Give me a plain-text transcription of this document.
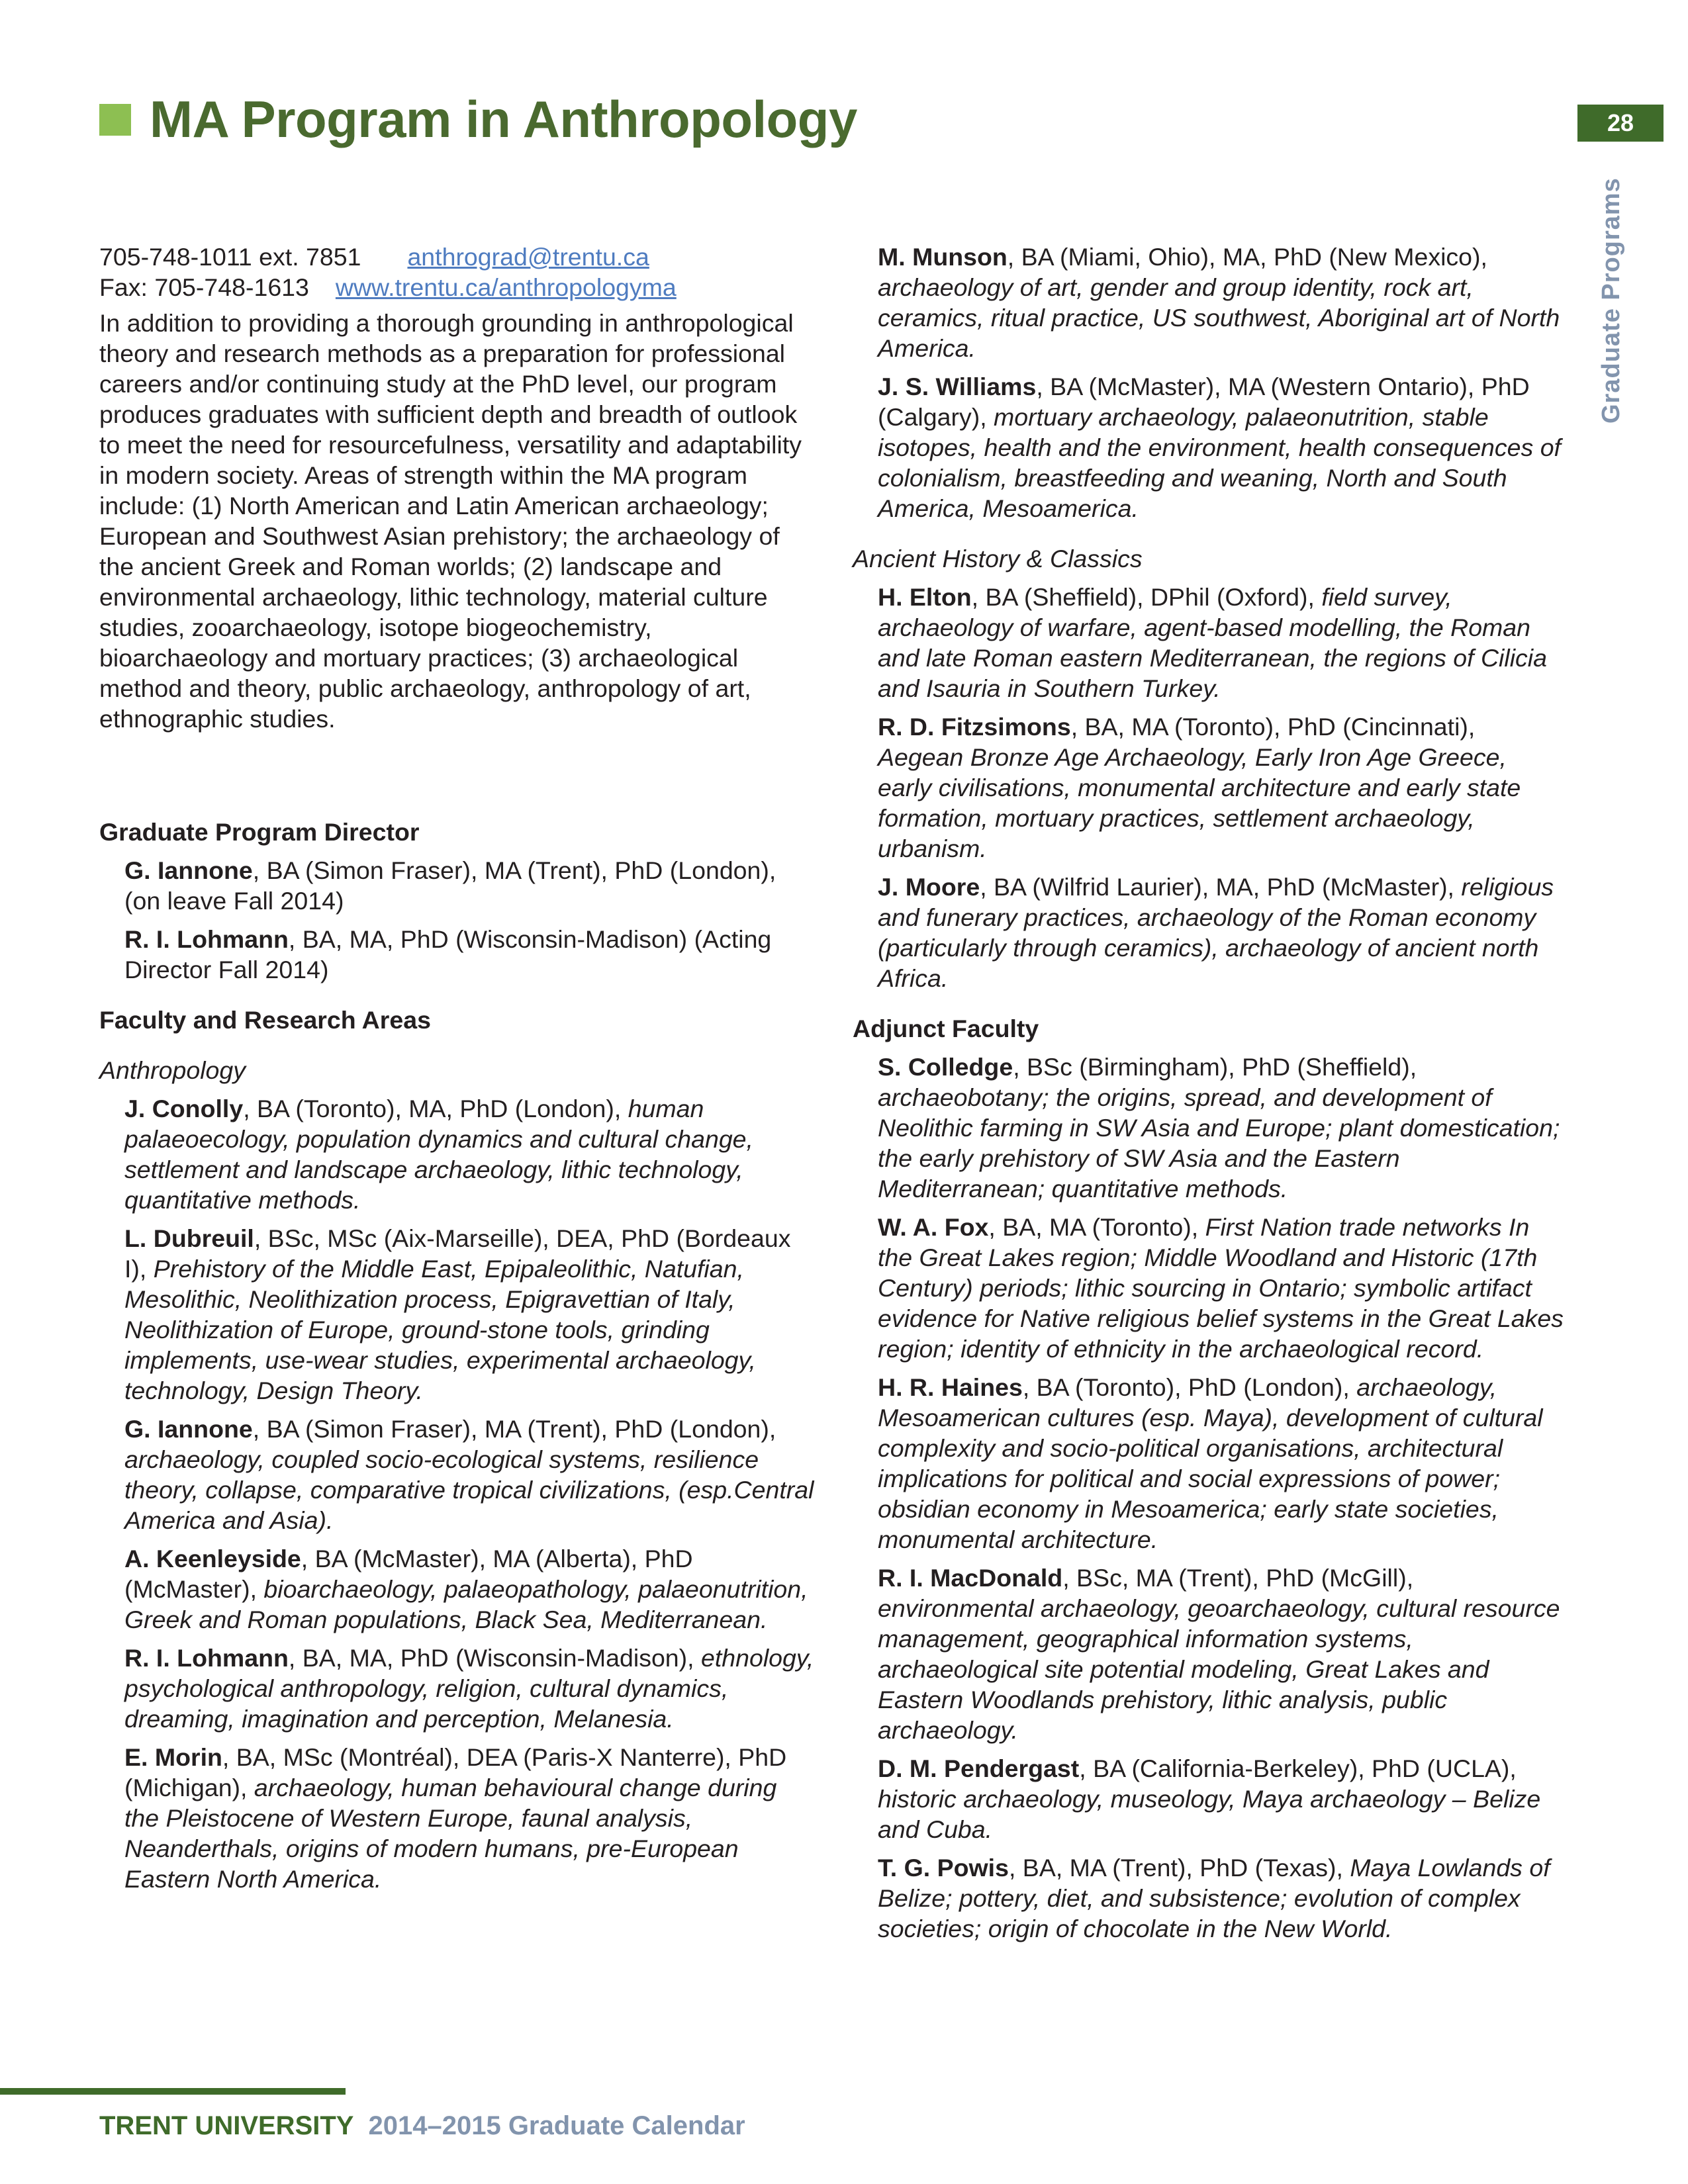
MA Program in Anthropology	28
Graduate Programs
705-748-1011 ext. 7851 anthrograd@trentu.ca
Fax: 705-748-1613 www.trentu.ca/anthropologyma
In addition to providing a thorough grounding in anthropological theory and research methods as a preparation for professional careers and/or continuing study at the PhD level, our program produces graduates with sufficient depth and breadth of outlook to meet the need for resourcefulness, versatility and adaptability in modern society. Areas of strength within the MA program include: (1) North American and Latin American archaeology; European and Southwest Asian prehistory; the archaeology of the ancient Greek and Roman worlds; (2) landscape and environmental archaeology, lithic technology, material culture studies, zooarchaeology, isotope biogeochemistry, bioarchaeology and mortuary practices; (3) archaeological method and theory, public archaeology, anthropology of art, ethnographic studies.
Graduate Program Director
G. Iannone, BA (Simon Fraser), MA (Trent), PhD (London), (on leave Fall 2014)
R. I. Lohmann, BA, MA, PhD (Wisconsin-Madison) (Acting Director Fall 2014)
Faculty and Research Areas
Anthropology
J. Conolly, BA (Toronto), MA, PhD (London), human palaeoecology, population dynamics and cultural change, settlement and landscape archaeology, lithic technology, quantitative methods.
L. Dubreuil, BSc, MSc (Aix-Marseille), DEA, PhD (Bordeaux I), Prehistory of the Middle East, Epipaleolithic, Natufian, Mesolithic, Neolithization process, Epigravettian of Italy, Neolithization of Europe, ground-stone tools, grinding implements, use-wear studies, experimental archaeology, technology, Design Theory.
G. Iannone, BA (Simon Fraser), MA (Trent), PhD (London), archaeology, coupled socio-ecological systems, resilience theory, collapse, comparative tropical civilizations, (esp.Central America and Asia).
A. Keenleyside, BA (McMaster), MA (Alberta), PhD (McMaster), bioarchaeology, palaeopathology, palaeonutrition, Greek and Roman populations, Black Sea, Mediterranean.
R. I. Lohmann, BA, MA, PhD (Wisconsin-Madison), ethnology, psychological anthropology, religion, cultural dynamics, dreaming, imagination and perception, Melanesia.
E. Morin, BA, MSc (Montréal), DEA (Paris-X Nanterre), PhD (Michigan), archaeology, human behavioural change during the Pleistocene of Western Europe, faunal analysis, Neanderthals, origins of modern humans, pre-European Eastern North America.
M. Munson, BA (Miami, Ohio), MA, PhD (New Mexico), archaeology of art, gender and group identity, rock art, ceramics, ritual practice, US southwest, Aboriginal art of North America.
J. S. Williams, BA (McMaster), MA (Western Ontario), PhD (Calgary), mortuary archaeology, palaeonutrition, stable isotopes, health and the environment, health consequences of colonialism, breastfeeding and weaning, North and South America, Mesoamerica.
Ancient History & Classics
H. Elton, BA (Sheffield), DPhil (Oxford), field survey, archaeology of warfare, agent-based modelling, the Roman and late Roman eastern Mediterranean, the regions of Cilicia and Isauria in Southern Turkey.
R. D. Fitzsimons, BA, MA (Toronto), PhD (Cincinnati), Aegean Bronze Age Archaeology, Early Iron Age Greece, early civilisations, monumental architecture and early state formation, mortuary practices, settlement archaeology, urbanism.
J. Moore, BA (Wilfrid Laurier), MA, PhD (McMaster), religious and funerary practices, archaeology of the Roman economy (particularly through ceramics), archaeology of ancient north Africa.
Adjunct Faculty
S. Colledge, BSc (Birmingham), PhD (Sheffield), archaeobotany; the origins, spread, and development of Neolithic farming in SW Asia and Europe; plant domestication; the early prehistory of SW Asia and the Eastern Mediterranean; quantitative methods.
W. A. Fox, BA, MA (Toronto), First Nation trade networks In the Great Lakes region; Middle Woodland and Historic (17th Century) periods; lithic sourcing in Ontario; symbolic artifact evidence for Native religious belief systems in the Great Lakes region; identity of ethnicity in the archaeological record.
H. R. Haines, BA (Toronto), PhD (London), archaeology, Mesoamerican cultures (esp. Maya), development of cultural complexity and socio-political organisations, architectural implications for political and social expressions of power; obsidian economy in Mesoamerica; early state societies, monumental architecture.
R. I. MacDonald, BSc, MA (Trent), PhD (McGill), environmental archaeology, geoarchaeology, cultural resource management, geographical information systems, archaeological site potential modeling, Great Lakes and Eastern Woodlands prehistory, lithic analysis, public archaeology.
D. M. Pendergast, BA (California-Berkeley), PhD (UCLA), historic archaeology, museology, Maya archaeology – Belize and Cuba.
T. G. Powis, BA, MA (Trent), PhD (Texas), Maya Lowlands of Belize; pottery, diet, and subsistence; evolution of complex societies; origin of chocolate in the New World.
TRENT UNIVERSITY 2014–2015 Graduate Calendar
